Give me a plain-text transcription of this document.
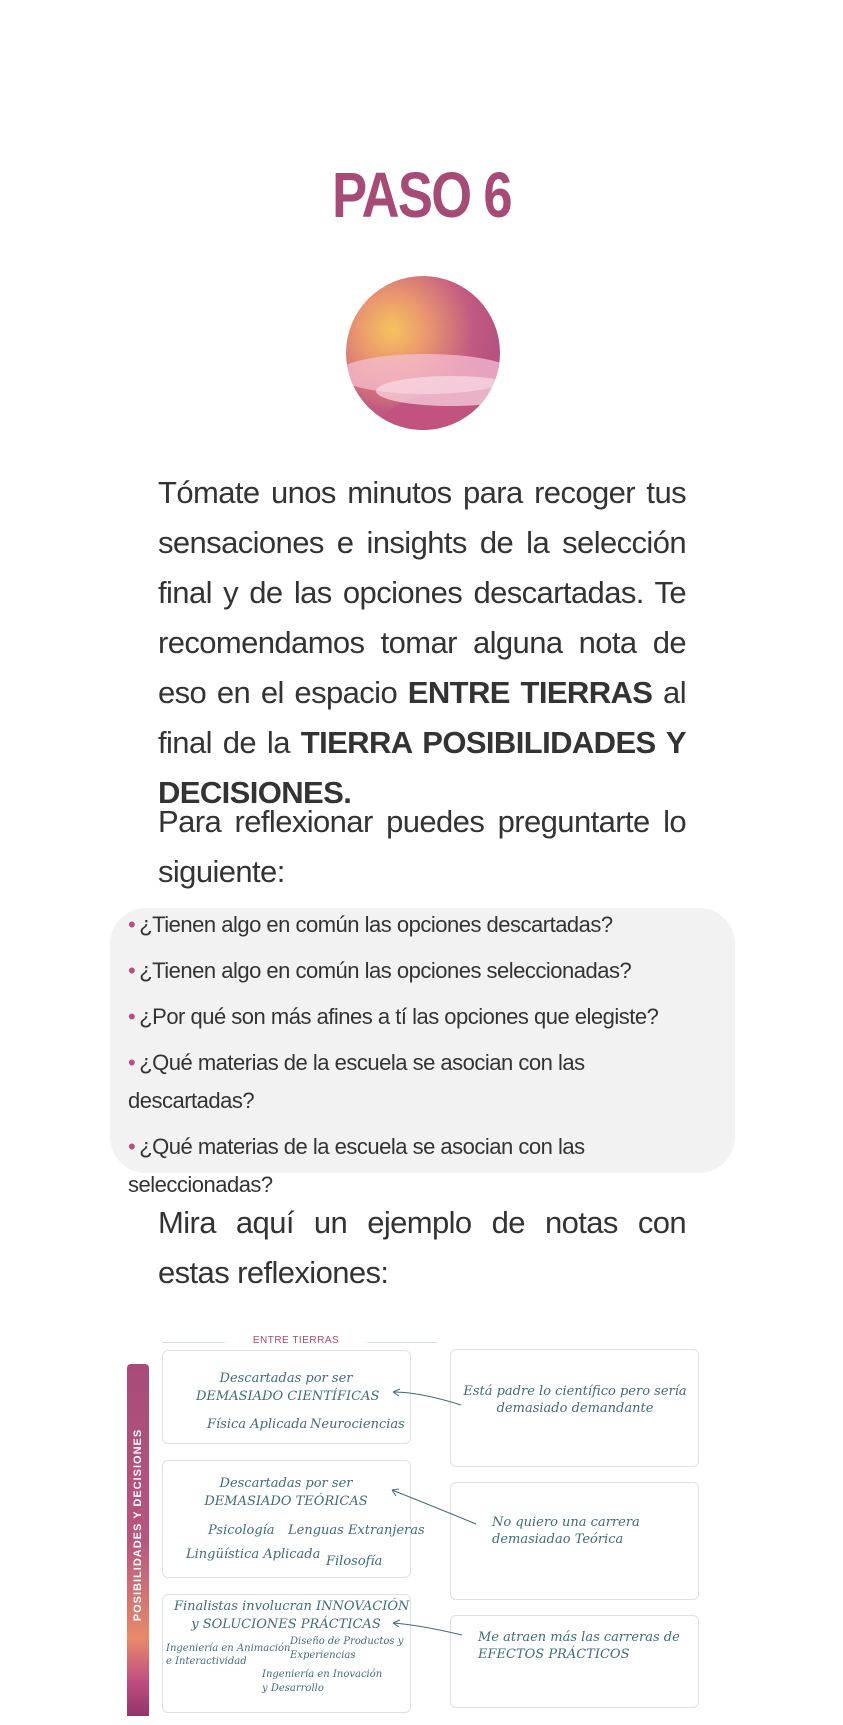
PASO 6

Tómate unos minutos para recoger tus sensaciones e insights de la selección final y de las opciones descartadas. Te recomendamos tomar alguna nota de eso en el espacio ENTRE TIERRAS al final de la TIERRA POSIBILIDADES Y DECISIONES.

Para reflexionar puedes preguntarte lo siguiente:

• ¿Tienen algo en común las opciones descartadas?
• ¿Tienen algo en común las opciones seleccionadas?
• ¿Por qué son más afines a tí las opciones que elegiste?
• ¿Qué materias de la escuela se asocian con las descartadas?
• ¿Qué materias de la escuela se asocian con las seleccionadas?

Mira aquí un ejemplo de notas con estas reflexiones:

ENTRE TIERRAS
POSIBILIDADES Y DECISIONES
Descartadas por ser
DEMASIADO CIENTÍFICAS
Física Aplicada Neurociencias
Descartadas por ser
DEMASIADO TEÓRICAS
Psicología Lenguas Extranjeras
Lingüística Aplicada Filosofía
Finalistas involucran INNOVACIÓN
y SOLUCIONES PRÁCTICAS
Ingeniería en Animación
e Interactividad
Diseño de Productos y
Experiencias
Ingeniería en Inovación
y Desarrollo
Está padre lo científico pero sería
demasiado demandante
No quiero una carrera
demasiadao Teórica
Me atraen más las carreras de
EFECTOS PRÁCTICOS
